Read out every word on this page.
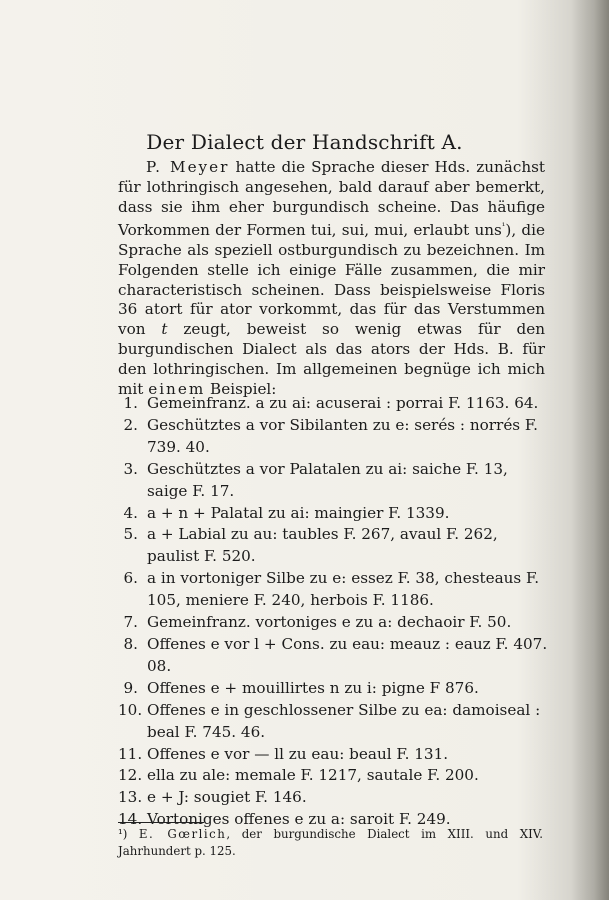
Der Dialect der Handschrift A.
P. Meyer hatte die Sprache dieser Hds. zunächst für lothringisch angesehen, bald darauf aber bemerkt, dass sie ihm eher burgundisch scheine. Das häufige Vorkommen der Formen tui, sui, mui, erlaubt uns$^{^1}$), die Sprache als speziell ostburgundisch zu bezeichnen. Im Folgenden stelle ich einige Fälle zusammen, die mir characteristisch scheinen. Dass beispielsweise Floris 36 atort für ator vorkommt, das für das Verstummen von t zeugt, beweist so wenig etwas für den burgundischen Dialect als das ators der Hds. B. für den lothringischen. Im allgemeinen begnüge ich mich mit einem Beispiel:
1. Gemeinfranz. a zu ai: acuserai : porrai F. 1163. 64.
2. Geschütztes a vor Sibilanten zu e: serés : norrés F. 739. 40.
3. Geschütztes a vor Palatalen zu ai: saiche F. 13, saige F. 17.
4. a + n + Palatal zu ai: maingier F. 1339.
5. a + Labial zu au: taubles F. 267, avaul F. 262, paulist F. 520.
6. a in vortoniger Silbe zu e: essez F. 38, chesteaus F. 105, meniere F. 240, herbois F. 1186.
7. Gemeinfranz. vortoniges e zu a: dechaoir F. 50.
8. Offenes e vor l + Cons. zu eau: meauz : eauz F. 407. 08.
9. Offenes e + mouillirtes n zu i: pigne F 876.
10. Offenes e in geschlossener Silbe zu ea: damoiseal : beal F. 745. 46.
11. Offenes e vor — ll zu eau: beaul F. 131.
12. ella zu ale: memale F. 1217, sautale F. 200.
13. e + J: sougiet F. 146.
14. Vortoniges offenes e zu a: saroit F. 249.
¹) E. Gœrlich, der burgundische Dialect im XIII. und XIV. Jahrhundert p. 125.
